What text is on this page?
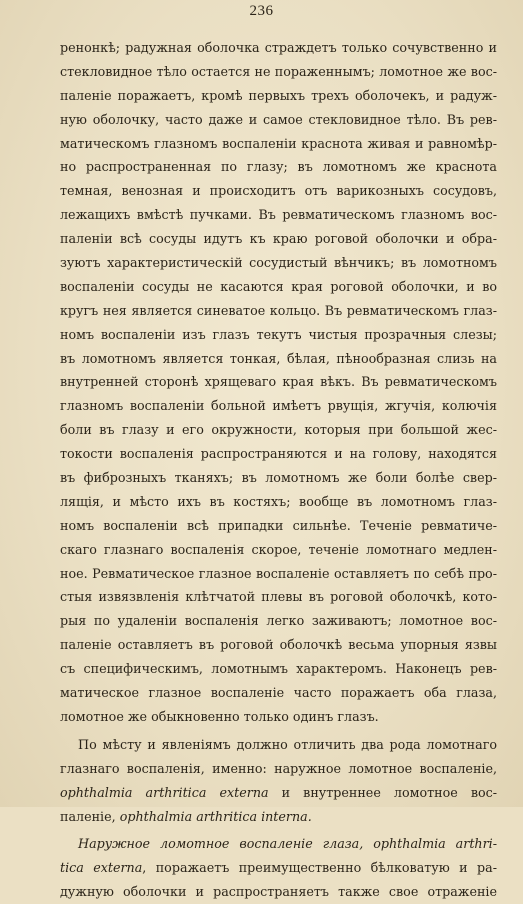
236
ренонкѣ; радужная оболочка страждетъ только сочувственно и
стекловидное тѣло остается не пораженнымъ; ломотное же вос-
паленіе поражаетъ, кромѣ первыхъ трехъ оболочекъ, и радуж-
ную оболочку, часто даже и самое стекловидное тѣло. Въ рев-
матическомъ глазномъ воспаленіи краснота живая и равномѣр-
но распространенная по глазу; въ ломотномъ же краснота
темная, венозная и происходитъ отъ варикозныхъ сосудовъ,
лежащихъ вмѣстѣ пучками. Въ ревматическомъ глазномъ вос-
паленіи всѣ сосуды идутъ къ краю роговой оболочки и обра-
зуютъ характеристическій сосудистый вѣнчикъ; въ ломотномъ
воспаленіи сосуды не касаются края роговой оболочки, и во
кругъ нея является синеватое кольцо. Въ ревматическомъ глаз-
номъ воспаленіи изъ глазъ текутъ чистыя прозрачныя слезы;
въ ломотномъ является тонкая, бѣлая, пѣнообразная слизь на
внутренней сторонѣ хрящеваго края вѣкъ. Въ ревматическомъ
глазномъ воспаленіи больной имѣетъ рвущія, жгучія, колючія
боли въ глазу и его окружности, которыя при большой жес-
токости воспаленія распространяются и на голову, находятся
въ фиброзныхъ тканяхъ; въ ломотномъ же боли болѣе свер-
лящія, и мѣсто ихъ въ костяхъ; вообще въ ломотномъ глаз-
номъ воспаленіи всѣ припадки сильнѣе. Теченіе ревматиче-
скаго глазнаго воспаленія скорое, теченіе ломотнаго медлен-
ное. Ревматическое глазное воспаленіе оставляетъ по себѣ про-
стыя извязвленія клѣтчатой плевы въ роговой оболочкѣ, кото-
рыя по удаленіи воспаленія легко заживаютъ; ломотное вос-
паленіе оставляетъ въ роговой оболочкѣ весьма упорныя язвы
съ специфическимъ, ломотнымъ характеромъ. Наконецъ рев-
матическое глазное воспаленіе часто поражаетъ оба глаза,
ломотное же обыкновенно только одинъ глазъ.
По мѣсту и явленіямъ должно отличить два рода ломотнаго
глазнаго воспаленія, именно: наружное ломотное воспаленіе,
ophthalmia arthritica externa и внутреннее ломотное вос-
паленіе, ophthalmia arthritica interna.
Наружное ломотное воспаленіе глаза, ophthalmia arthri-
tica externa, поражаетъ преимущественно бѣлковатую и ра-
дужную оболочки и распространяетъ также свое отраженіе
